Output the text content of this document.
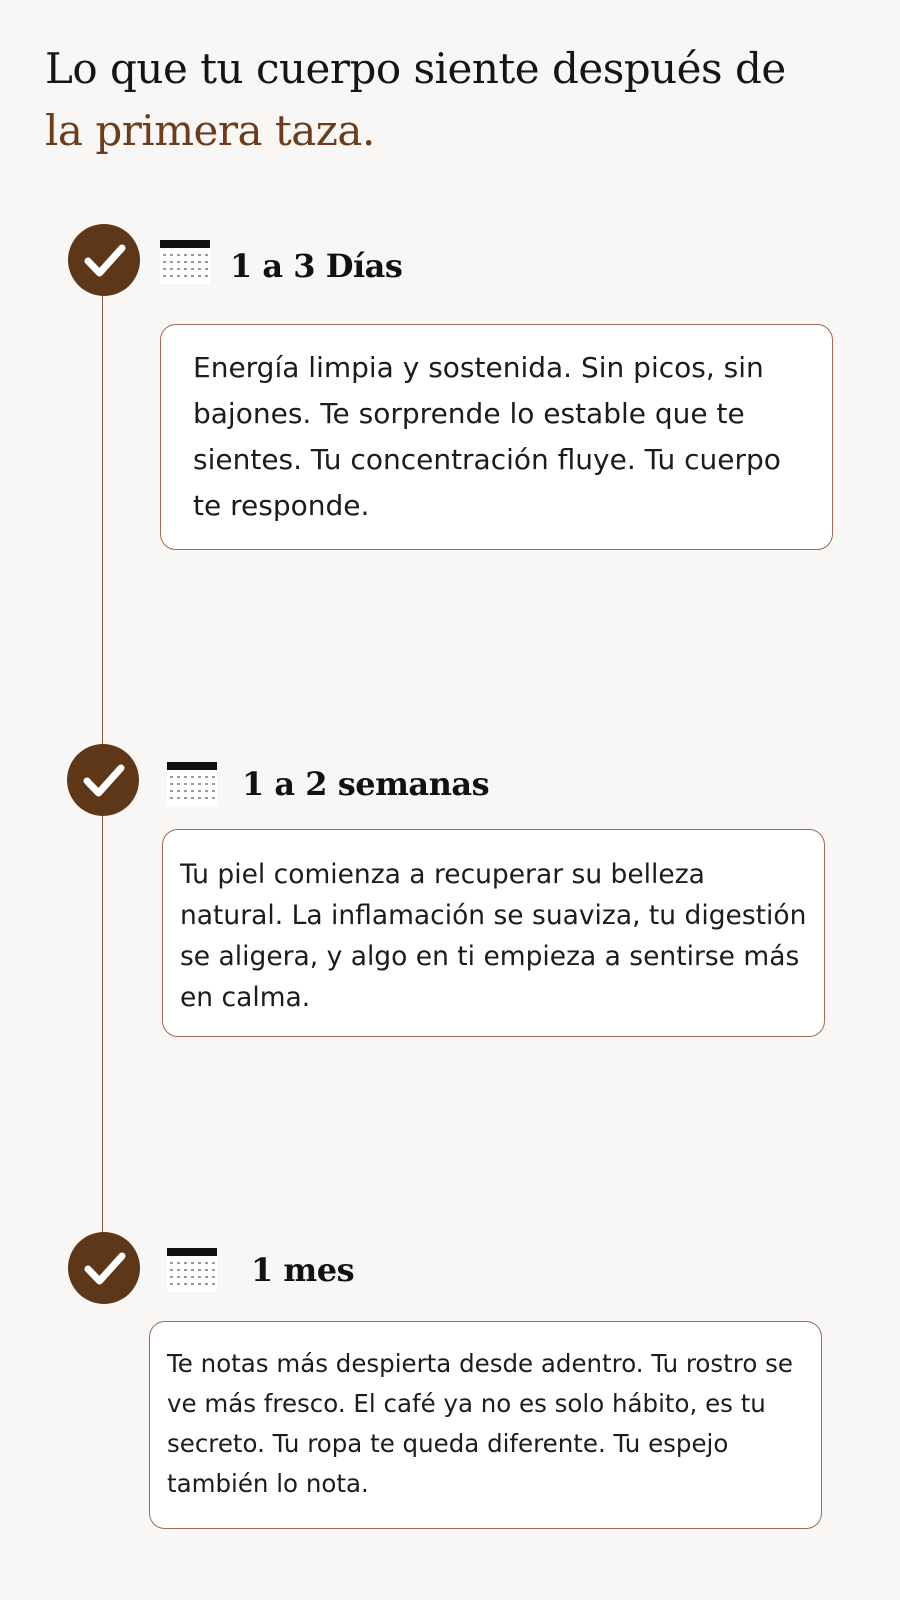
Lo que tu cuerpo siente después de
la primera taza.
1 a 3 Días

Energía limpia y sostenida. Sin picos, sin bajones. Te sorprende lo estable que te sientes. Tu concentración fluye. Tu cuerpo te responde.

1 a 2 semanas

Tu piel comienza a recuperar su belleza natural. La inflamación se suaviza, tu digestión se aligera, y algo en ti empieza a sentirse más en calma.

1 mes

Te notas más despierta desde adentro. Tu rostro se ve más fresco. El café ya no es solo hábito, es tu secreto. Tu ropa te queda diferente. Tu espejo también lo nota.
